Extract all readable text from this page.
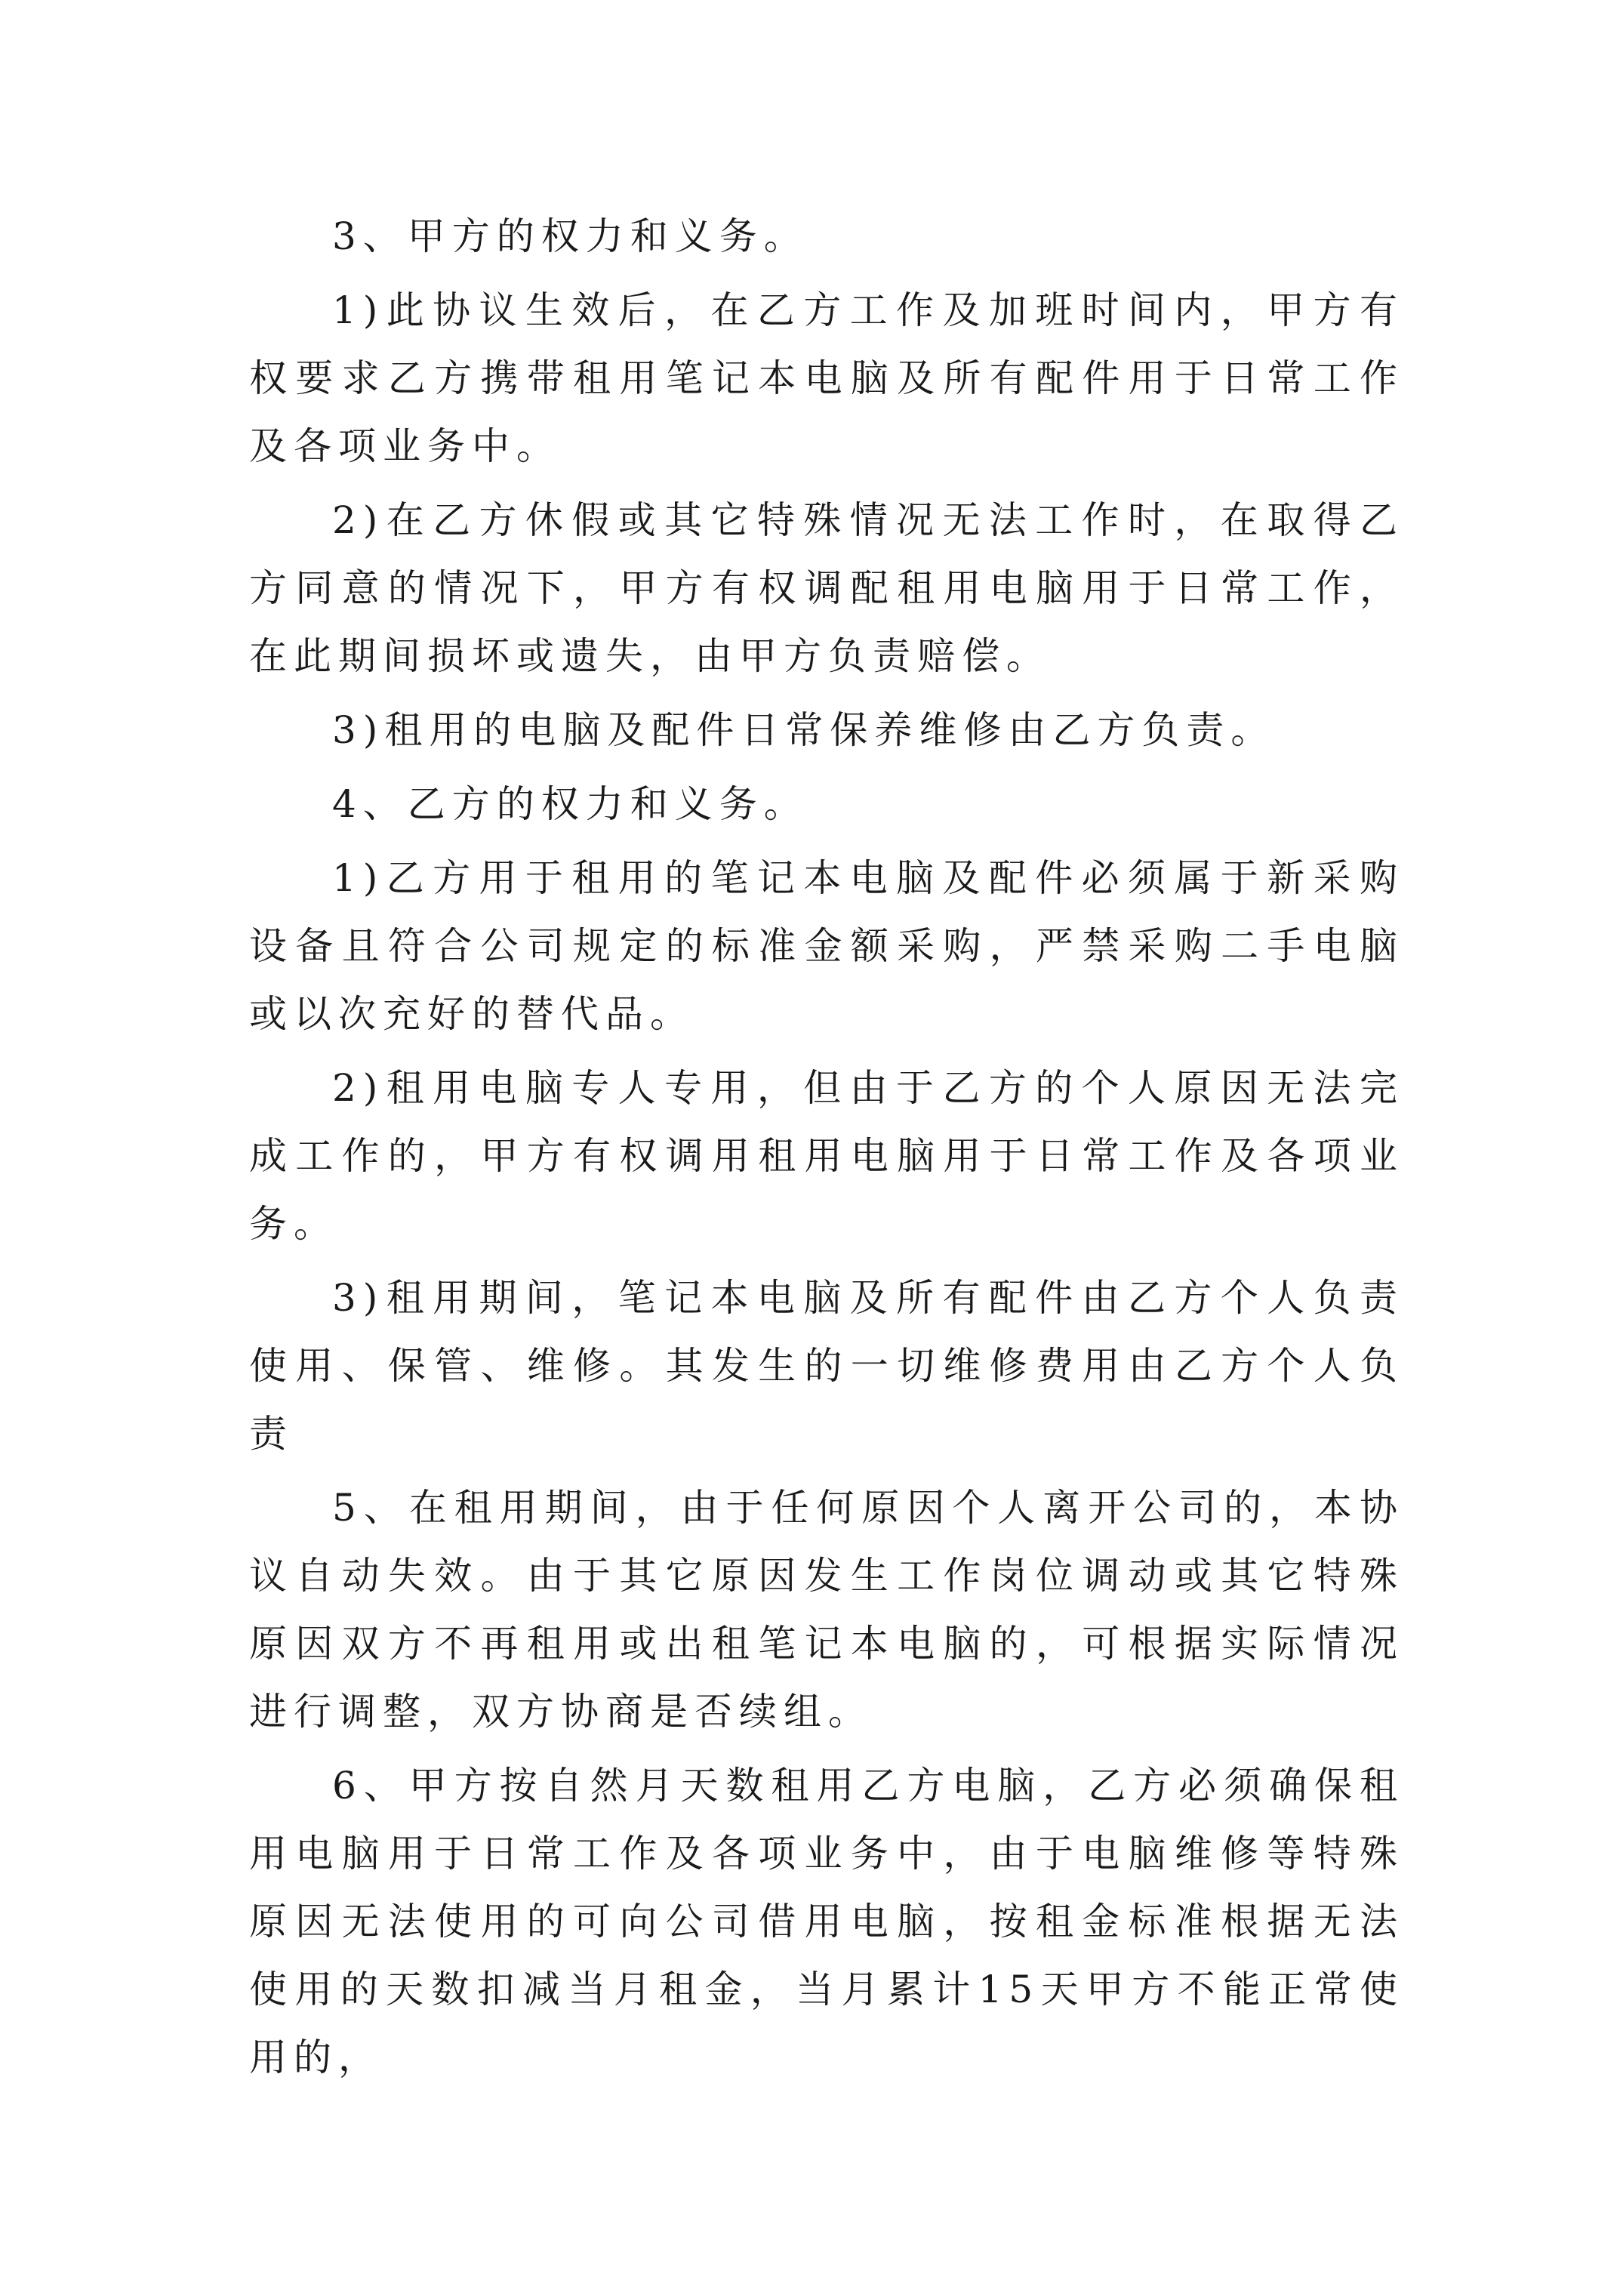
3、甲方的权力和义务。

1)此协议生效后，在乙方工作及加班时间内，甲方有权要求乙方携带租用笔记本电脑及所有配件用于日常工作及各项业务中。

2)在乙方休假或其它特殊情况无法工作时，在取得乙方同意的情况下，甲方有权调配租用电脑用于日常工作，在此期间损坏或遗失，由甲方负责赔偿。

3)租用的电脑及配件日常保养维修由乙方负责。

4、乙方的权力和义务。

1)乙方用于租用的笔记本电脑及配件必须属于新采购设备且符合公司规定的标准金额采购，严禁采购二手电脑或以次充好的替代品。

2)租用电脑专人专用，但由于乙方的个人原因无法完成工作的，甲方有权调用租用电脑用于日常工作及各项业务。

3)租用期间，笔记本电脑及所有配件由乙方个人负责使用、保管、维修。其发生的一切维修费用由乙方个人负责

5、在租用期间，由于任何原因个人离开公司的，本协议自动失效。由于其它原因发生工作岗位调动或其它特殊原因双方不再租用或出租笔记本电脑的，可根据实际情况进行调整，双方协商是否续组。

6、甲方按自然月天数租用乙方电脑，乙方必须确保租用电脑用于日常工作及各项业务中，由于电脑维修等特殊原因无法使用的可向公司借用电脑，按租金标准根据无法使用的天数扣减当月租金，当月累计15天甲方不能正常使用的，
